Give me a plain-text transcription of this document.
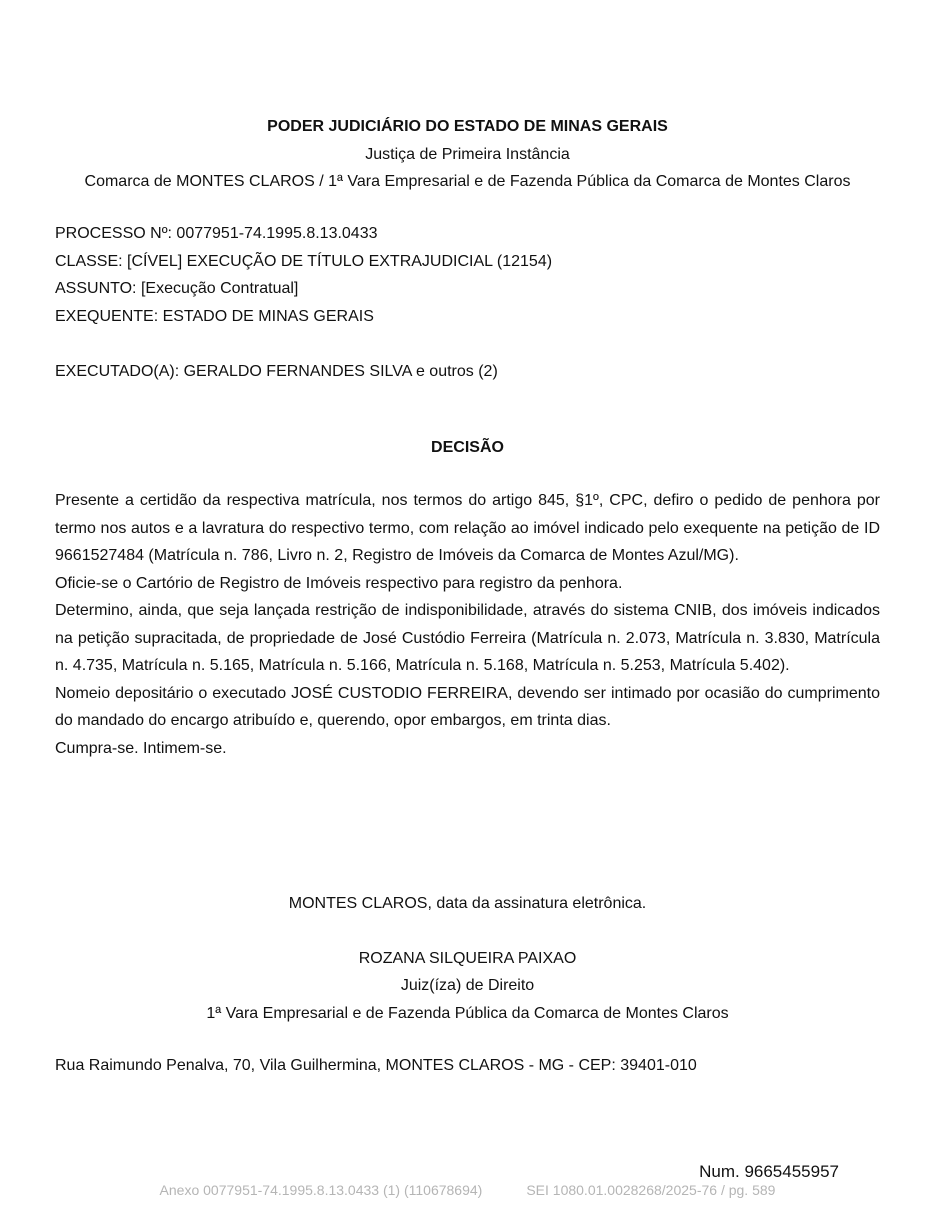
PODER JUDICIÁRIO DO ESTADO DE MINAS GERAIS
Justiça de Primeira Instância
Comarca de MONTES CLAROS / 1ª Vara Empresarial e de Fazenda Pública da Comarca de Montes Claros
PROCESSO Nº: 0077951-74.1995.8.13.0433
CLASSE: [CÍVEL] EXECUÇÃO DE TÍTULO EXTRAJUDICIAL (12154)
ASSUNTO: [Execução Contratual]
EXEQUENTE: ESTADO DE MINAS GERAIS
EXECUTADO(A): GERALDO FERNANDES SILVA e outros (2)
DECISÃO

Presente a certidão da respectiva matrícula, nos termos do artigo 845, §1º, CPC, defiro o pedido de penhora por termo nos autos e a lavratura do respectivo termo, com relação ao imóvel indicado pelo exequente na petição de ID 9661527484 (Matrícula n. 786, Livro n. 2, Registro de Imóveis da Comarca de Montes Azul/MG).

Oficie-se o Cartório de Registro de Imóveis respectivo para registro da penhora.

Determino, ainda, que seja lançada restrição de indisponibilidade, através do sistema CNIB, dos imóveis indicados na petição supracitada, de propriedade de José Custódio Ferreira (Matrícula n. 2.073, Matrícula n. 3.830, Matrícula n. 4.735, Matrícula n. 5.165, Matrícula n. 5.166, Matrícula n. 5.168, Matrícula n. 5.253, Matrícula 5.402).

Nomeio depositário o executado JOSÉ CUSTODIO FERREIRA, devendo ser intimado por ocasião do cumprimento do mandado do encargo atribuído e, querendo, opor embargos, em trinta dias.

Cumpra-se. Intimem-se.

MONTES CLAROS, data da assinatura eletrônica.
ROZANA SILQUEIRA PAIXAO
Juiz(íza) de Direito
1ª Vara Empresarial e de Fazenda Pública da Comarca de Montes Claros
Rua Raimundo Penalva, 70, Vila Guilhermina, MONTES CLAROS - MG - CEP: 39401-010
Num. 9665455957
Anexo 0077951-74.1995.8.13.0433 (1) (110678694)	SEI 1080.01.0028268/2025-76 / pg. 589
